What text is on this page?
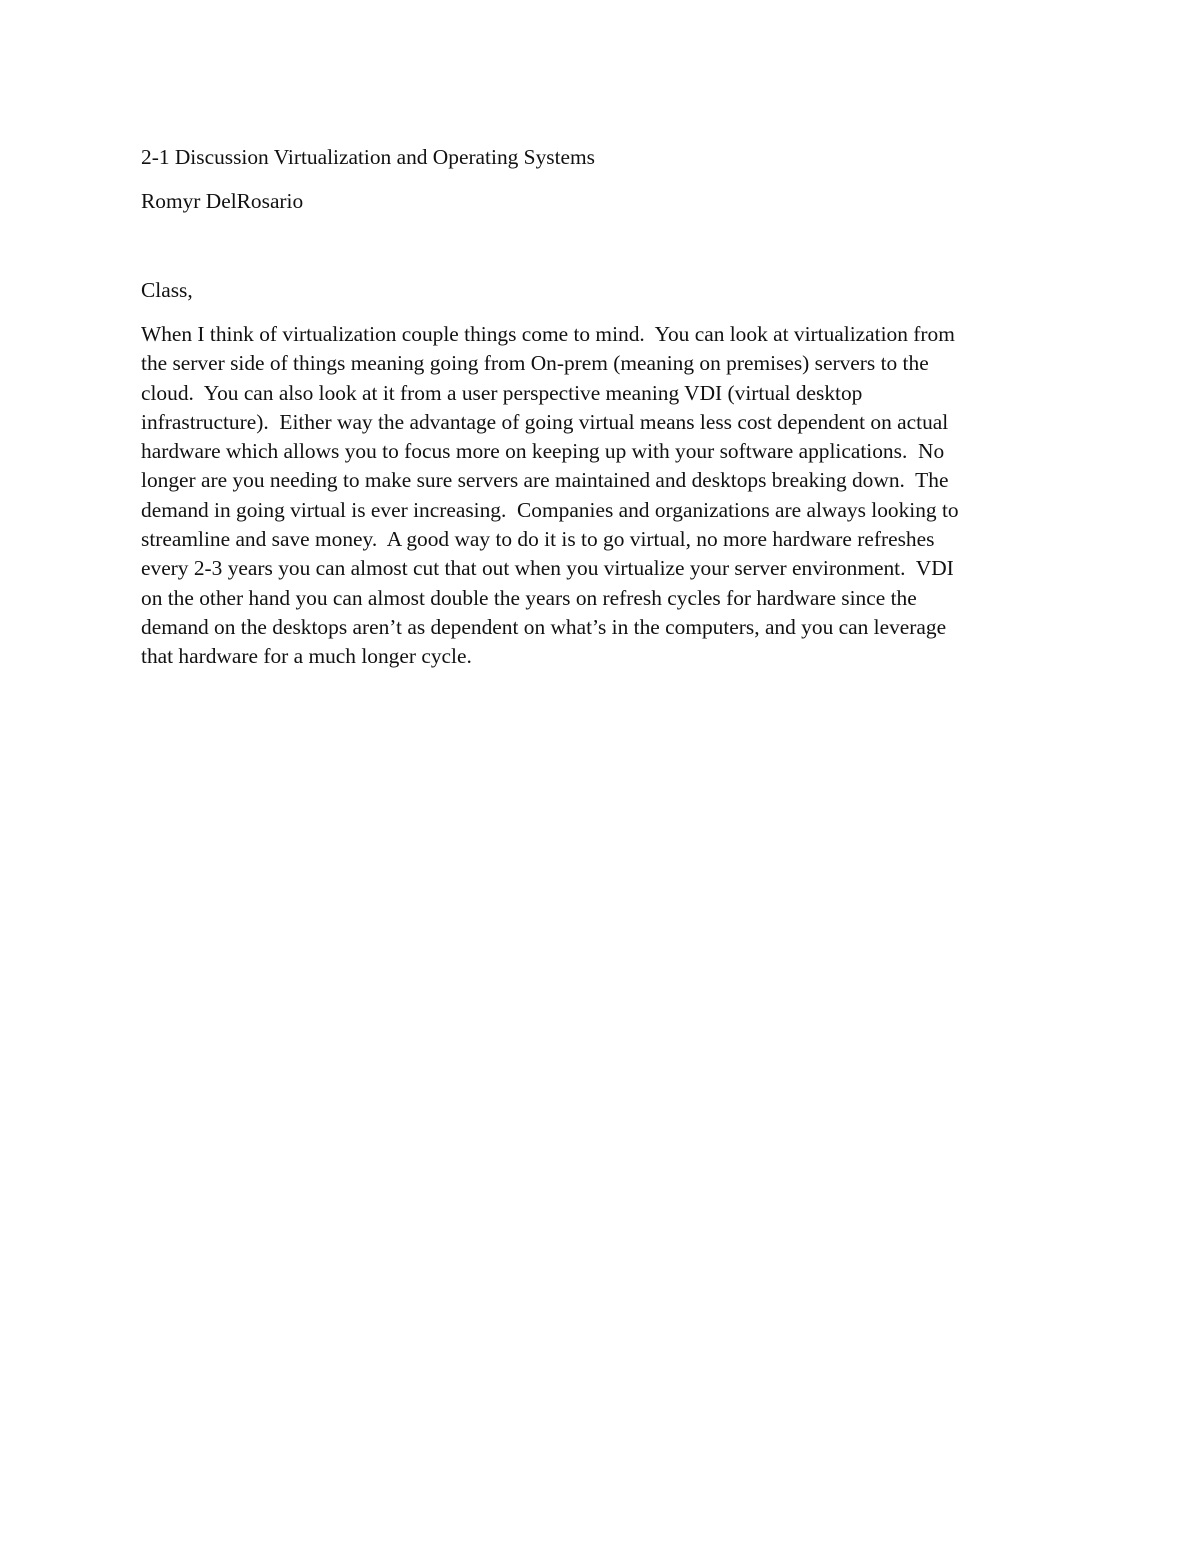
2-1 Discussion Virtualization and Operating Systems

Romyr DelRosario

Class,

When I think of virtualization couple things come to mind.  You can look at virtualization from
the server side of things meaning going from On-prem (meaning on premises) servers to the
cloud.  You can also look at it from a user perspective meaning VDI (virtual desktop
infrastructure).  Either way the advantage of going virtual means less cost dependent on actual
hardware which allows you to focus more on keeping up with your software applications.  No
longer are you needing to make sure servers are maintained and desktops breaking down.  The
demand in going virtual is ever increasing.  Companies and organizations are always looking to
streamline and save money.  A good way to do it is to go virtual, no more hardware refreshes
every 2-3 years you can almost cut that out when you virtualize your server environment.  VDI
on the other hand you can almost double the years on refresh cycles for hardware since the
demand on the desktops aren’t as dependent on what’s in the computers, and you can leverage
that hardware for a much longer cycle.
